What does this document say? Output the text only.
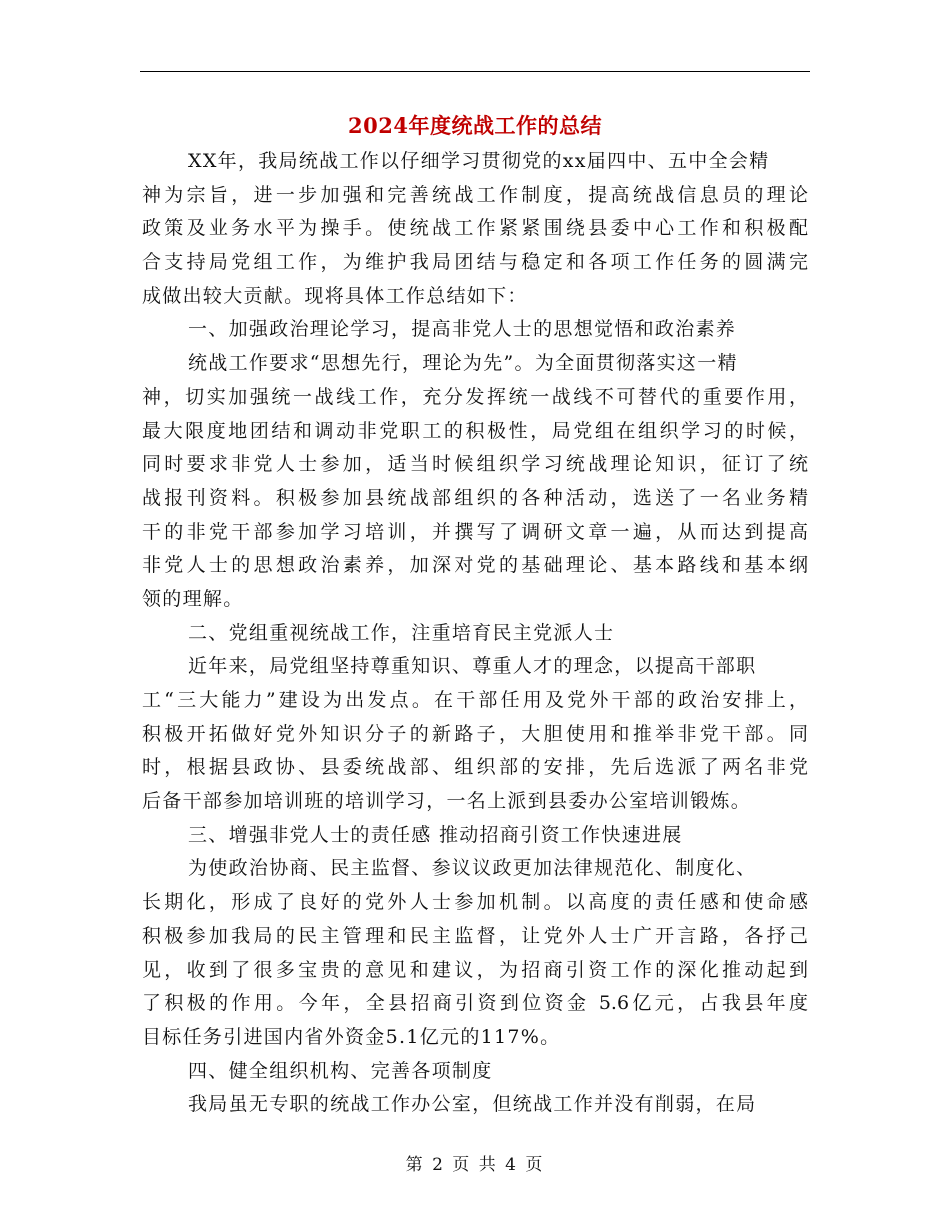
2024年度统战工作的总结
XX年，我局统战工作以仔细学习贯彻党的xx届四中、五中全会精
神为宗旨，进一步加强和完善统战工作制度，提高统战信息员的理论
政策及业务水平为操手。使统战工作紧紧围绕县委中心工作和积极配
合支持局党组工作，为维护我局团结与稳定和各项工作任务的圆满完
成做出较大贡献。现将具体工作总结如下：
一、加强政治理论学习，提高非党人士的思想觉悟和政治素养
统战工作要求“思想先行，理论为先”。为全面贯彻落实这一精
神，切实加强统一战线工作，充分发挥统一战线不可替代的重要作用，
最大限度地团结和调动非党职工的积极性，局党组在组织学习的时候，
同时要求非党人士参加，适当时候组织学习统战理论知识，征订了统
战报刊资料。积极参加县统战部组织的各种活动，选送了一名业务精
干的非党干部参加学习培训，并撰写了调研文章一遍，从而达到提高
非党人士的思想政治素养，加深对党的基础理论、基本路线和基本纲
领的理解。
二、党组重视统战工作，注重培育民主党派人士
近年来，局党组坚持尊重知识、尊重人才的理念，以提高干部职
工“三大能力”建设为出发点。在干部任用及党外干部的政治安排上，
积极开拓做好党外知识分子的新路子，大胆使用和推举非党干部。同
时，根据县政协、县委统战部、组织部的安排，先后选派了两名非党
后备干部参加培训班的培训学习，一名上派到县委办公室培训锻炼。
三、增强非党人士的责任感 推动招商引资工作快速进展
为使政治协商、民主监督、参议议政更加法律规范化、制度化、
长期化，形成了良好的党外人士参加机制。以高度的责任感和使命感
积极参加我局的民主管理和民主监督，让党外人士广开言路，各抒己
见，收到了很多宝贵的意见和建议，为招商引资工作的深化推动起到
了积极的作用。今年，全县招商引资到位资金 5.6亿元，占我县年度
目标任务引进国内省外资金5.1亿元的117%。
四、健全组织机构、完善各项制度
我局虽无专职的统战工作办公室，但统战工作并没有削弱，在局
第 2 页 共 4 页
